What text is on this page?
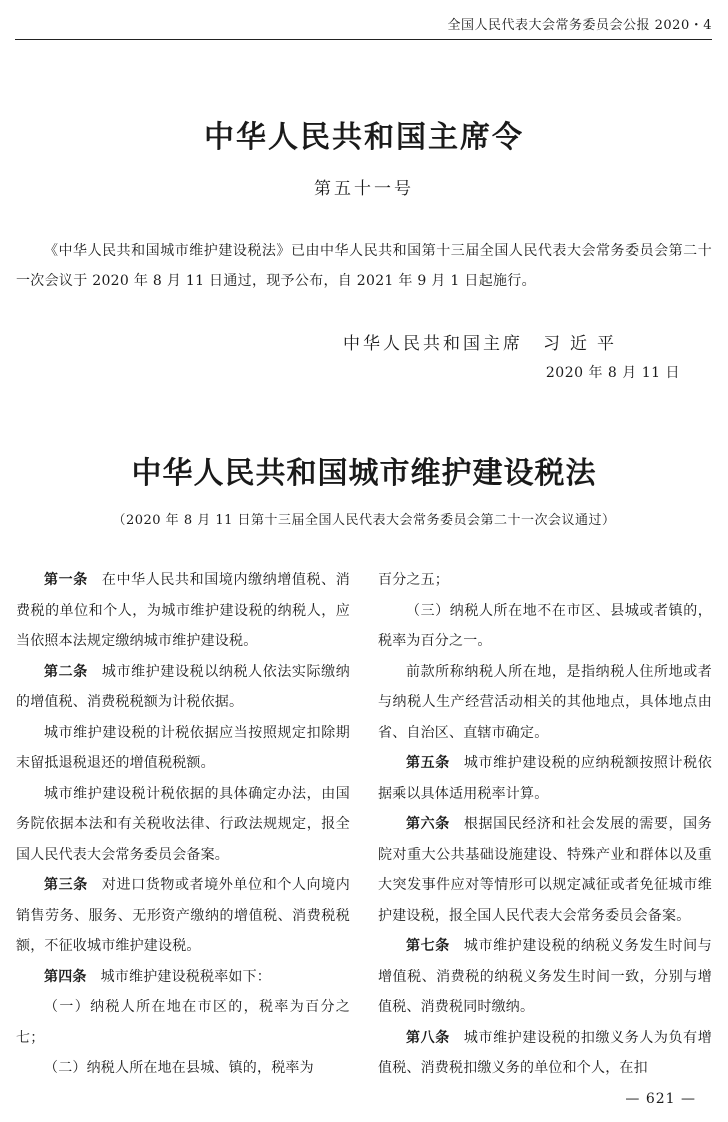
全国人民代表大会常务委员会公报 2020・4
中华人民共和国主席令
第五十一号
《中华人民共和国城市维护建设税法》已由中华人民共和国第十三届全国人民代表大会常务委员会第二十一次会议于 2020 年 8 月 11 日通过，现予公布，自 2021 年 9 月 1 日起施行。
中华人民共和国主席 习近平
2020 年 8 月 11 日
中华人民共和国城市维护建设税法
（2020 年 8 月 11 日第十三届全国人民代表大会常务委员会第二十一次会议通过）

第一条 在中华人民共和国境内缴纳增值税、消费税的单位和个人，为城市维护建设税的纳税人，应当依照本法规定缴纳城市维护建设税。

第二条 城市维护建设税以纳税人依法实际缴纳的增值税、消费税税额为计税依据。

城市维护建设税的计税依据应当按照规定扣除期末留抵退税退还的增值税税额。

城市维护建设税计税依据的具体确定办法，由国务院依据本法和有关税收法律、行政法规规定，报全国人民代表大会常务委员会备案。

第三条 对进口货物或者境外单位和个人向境内销售劳务、服务、无形资产缴纳的增值税、消费税税额，不征收城市维护建设税。

第四条 城市维护建设税税率如下：

（一）纳税人所在地在市区的，税率为百分之七；

（二）纳税人所在地在县城、镇的，税率为

百分之五；

（三）纳税人所在地不在市区、县城或者镇的，税率为百分之一。

前款所称纳税人所在地，是指纳税人住所地或者与纳税人生产经营活动相关的其他地点，具体地点由省、自治区、直辖市确定。

第五条 城市维护建设税的应纳税额按照计税依据乘以具体适用税率计算。

第六条 根据国民经济和社会发展的需要，国务院对重大公共基础设施建设、特殊产业和群体以及重大突发事件应对等情形可以规定减征或者免征城市维护建设税，报全国人民代表大会常务委员会备案。

第七条 城市维护建设税的纳税义务发生时间与增值税、消费税的纳税义务发生时间一致，分别与增值税、消费税同时缴纳。

第八条 城市维护建设税的扣缴义务人为负有增值税、消费税扣缴义务的单位和个人，在扣

— 621 —
